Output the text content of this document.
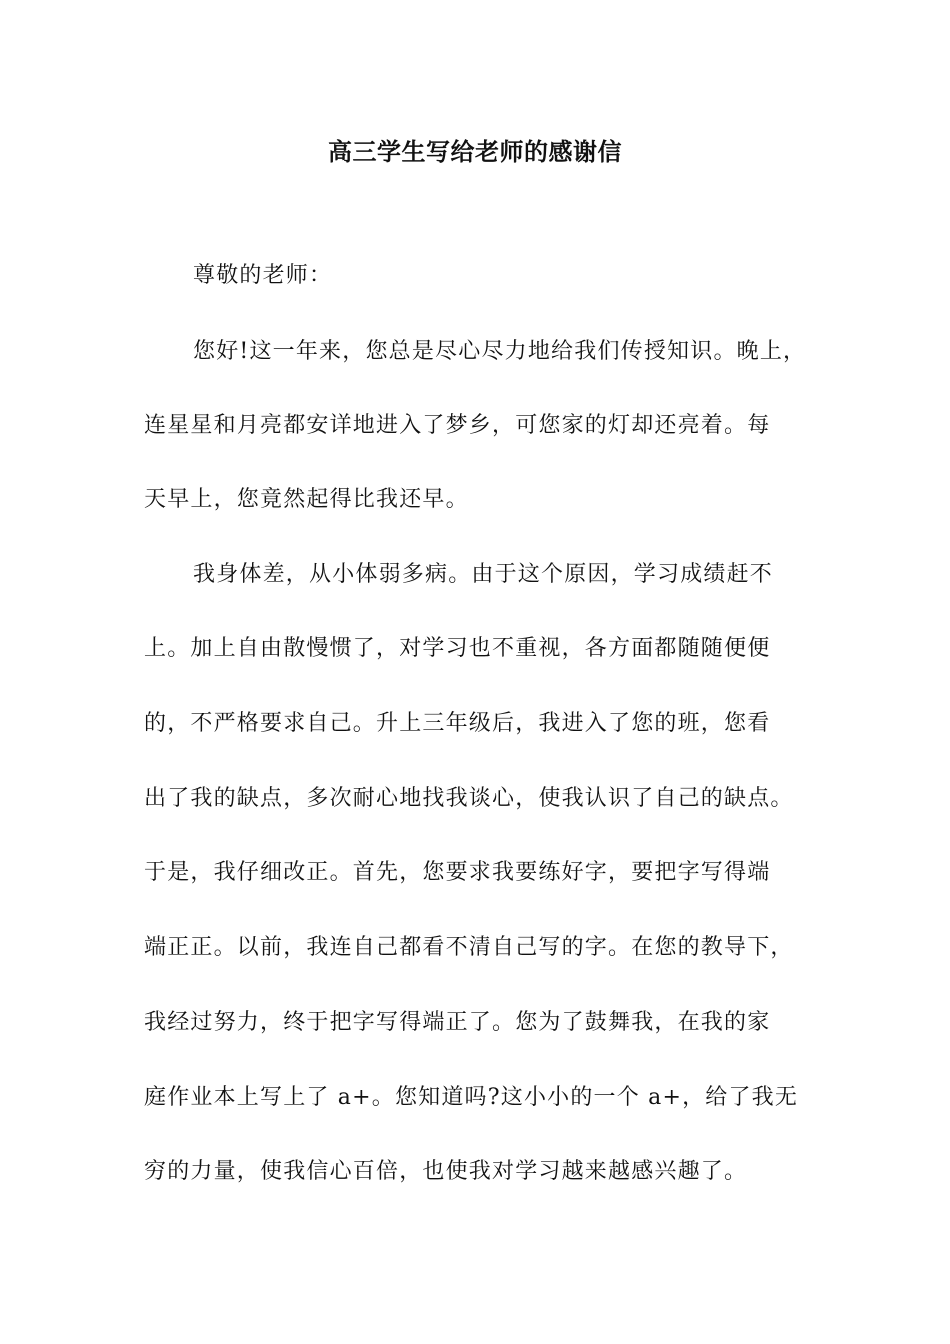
高三学生写给老师的感谢信
尊敬的老师：
您好!这一年来，您总是尽心尽力地给我们传授知识。晚上，
连星星和月亮都安详地进入了梦乡，可您家的灯却还亮着。每
天早上，您竟然起得比我还早。
我身体差，从小体弱多病。由于这个原因，学习成绩赶不
上。加上自由散慢惯了，对学习也不重视，各方面都随随便便
的，不严格要求自己。升上三年级后，我进入了您的班，您看
出了我的缺点，多次耐心地找我谈心，使我认识了自己的缺点。
于是，我仔细改正。首先，您要求我要练好字，要把字写得端
端正正。以前，我连自己都看不清自己写的字。在您的教导下，
我经过努力，终于把字写得端正了。您为了鼓舞我，在我的家
庭作业本上写上了 a+。您知道吗?这小小的一个 a+，给了我无
穷的力量，使我信心百倍，也使我对学习越来越感兴趣了。
